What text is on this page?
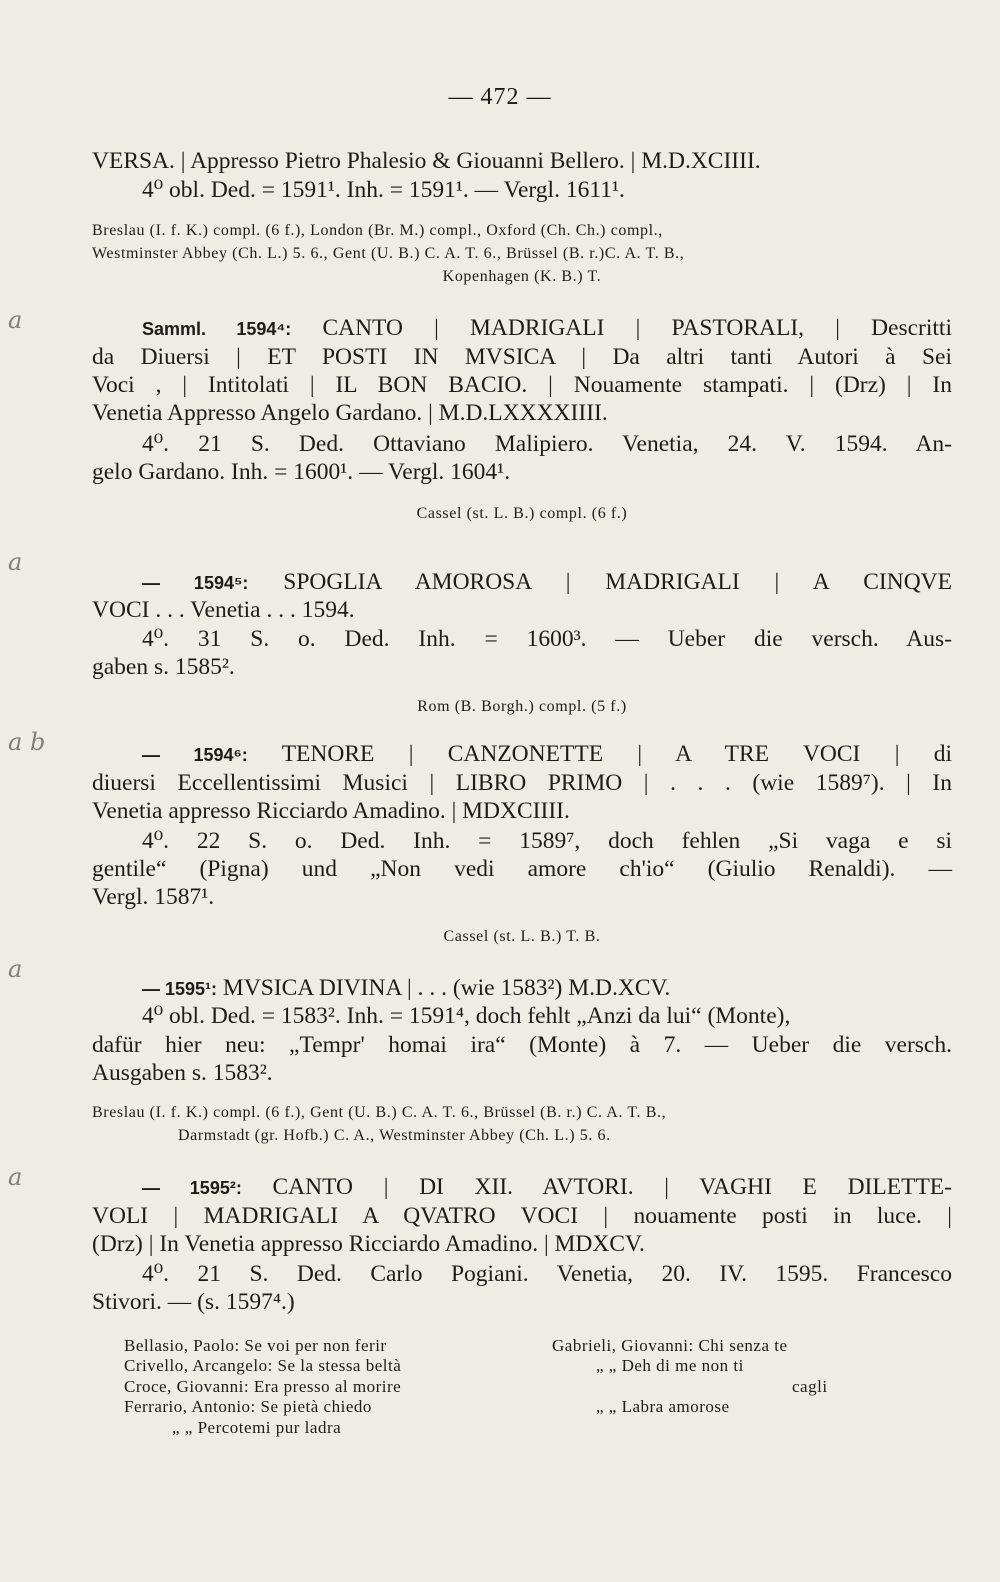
— 472 —
a
a
a b
a
a
VERSA. | Appresso Pietro Phalesio & Giouanni Bellero. | M.D.XCIIII.
4⁰ obl. Ded. = 1591¹. Inh. = 1591¹. — Vergl. 1611¹.
Breslau (I. f. K.) compl. (6 f.), London (Br. M.) compl., Oxford (Ch. Ch.) compl.,
Westminster Abbey (Ch. L.) 5. 6., Gent (U. B.) C. A. T. 6., Brüssel (B. r.)C. A. T. B.,
Kopenhagen (K. B.) T.
Samml. 1594⁴: CANTO | MADRIGALI | PASTORALI, | Descritti
da Diuersi | ET POSTI IN MVSICA | Da altri tanti Autori à Sei
Voci , | Intitolati | IL BON BACIO. | Nouamente stampati. | (Drz) | In
Venetia Appresso Angelo Gardano. | M.D.LXXXXIIII.
4⁰. 21 S. Ded. Ottaviano Malipiero. Venetia, 24. V. 1594. An-
gelo Gardano. Inh. = 1600¹. — Vergl. 1604¹.
Cassel (st. L. B.) compl. (6 f.)
— 1594⁵: SPOGLIA AMOROSA | MADRIGALI | A CINQVE
VOCI . . . Venetia . . . 1594.
4⁰. 31 S. o. Ded. Inh. = 1600³. — Ueber die versch. Aus-
gaben s. 1585².
Rom (B. Borgh.) compl. (5 f.)
— 1594⁶: TENORE | CANZONETTE | A TRE VOCI | di
diuersi Eccellentissimi Musici | LIBRO PRIMO | . . . (wie 1589⁷). | In
Venetia appresso Ricciardo Amadino. | MDXCIIII.
4⁰. 22 S. o. Ded. Inh. = 1589⁷, doch fehlen „Si vaga e si
gentile“ (Pigna) und „Non vedi amore ch'io“ (Giulio Renaldi). —
Vergl. 1587¹.
Cassel (st. L. B.) T. B.
— 1595¹: MVSICA DIVINA | . . . (wie 1583²) M.D.XCV.
4⁰ obl. Ded. = 1583². Inh. = 1591⁴, doch fehlt „Anzi da lui“ (Monte),
dafür hier neu: „Tempr' homai ira“ (Monte) à 7. — Ueber die versch.
Ausgaben s. 1583².
Breslau (I. f. K.) compl. (6 f.), Gent (U. B.) C. A. T. 6., Brüssel (B. r.) C. A. T. B.,
Darmstadt (gr. Hofb.) C. A., Westminster Abbey (Ch. L.) 5. 6.
— 1595²: CANTO | DI XII. AVTORI. | VAGHI E DILETTE-
VOLI | MADRIGALI A QVATRO VOCI | nouamente posti in luce. |
(Drz) | In Venetia appresso Ricciardo Amadino. | MDXCV.
4⁰. 21 S. Ded. Carlo Pogiani. Venetia, 20. IV. 1595. Francesco
Stivori. — (s. 1597⁴.)
Bellasio, Paolo: Se voi per non ferir
Crivello, Arcangelo: Se la stessa beltà
Croce, Giovanni: Era presso al morire
Ferrario, Antonio: Se pietà chiedo
„ „ Percotemi pur ladra
Gabrieli, Giovanni: Chi senza te
„ „ Deh di me non ti
cagli
„ „ Labra amorose
